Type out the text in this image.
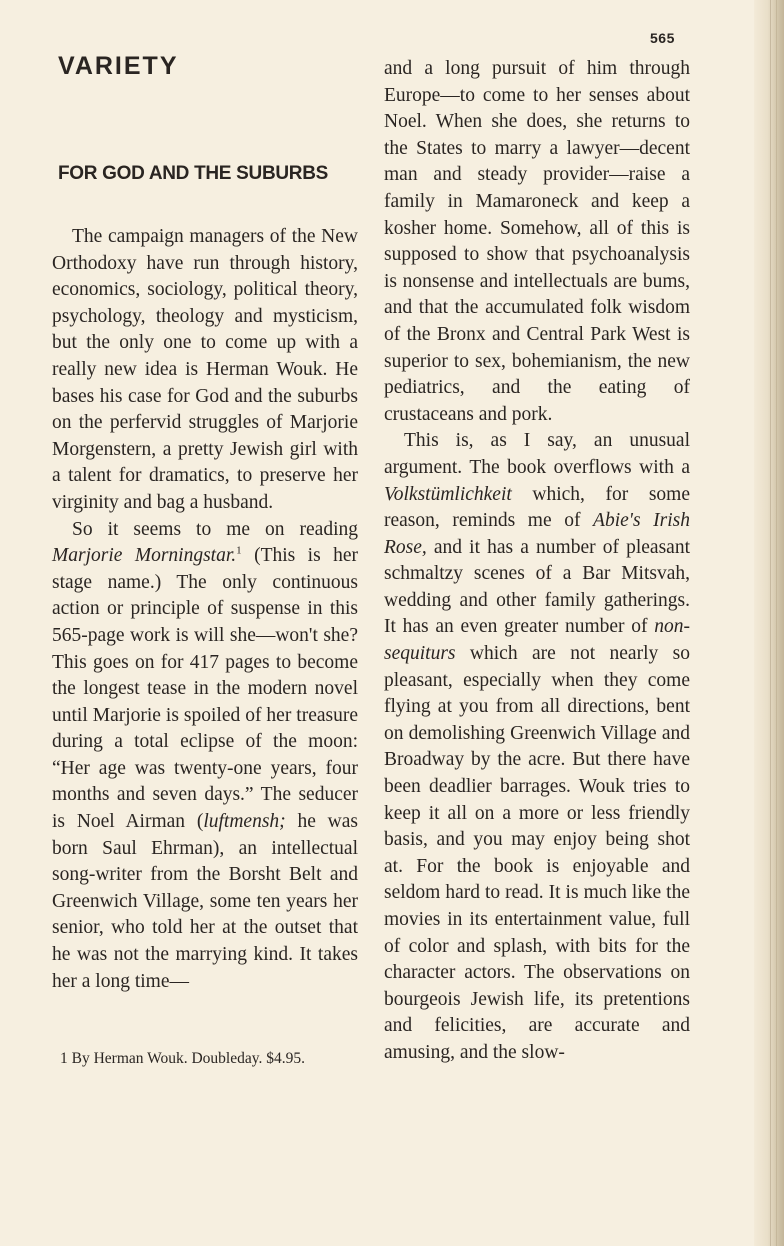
565
VARIETY
FOR GOD AND THE SUBURBS

The campaign managers of the New Orthodoxy have run through history, economics, sociology, political theory, psychology, theology and mysticism, but the only one to come up with a really new idea is Herman Wouk. He bases his case for God and the suburbs on the perfervid struggles of Marjorie Morgenstern, a pretty Jewish girl with a talent for dramatics, to preserve her virginity and bag a husband.

So it seems to me on reading Marjorie Morningstar.$^1$ (This is her stage name.) The only continuous action or principle of suspense in this 565-page work is will she—won't she? This goes on for 417 pages to become the longest tease in the modern novel until Marjorie is spoiled of her treasure during a total eclipse of the moon: “Her age was twenty-one years, four months and seven days.” The seducer is Noel Airman (luftmensh; he was born Saul Ehrman), an intellectual song-writer from the Borsht Belt and Greenwich Village, some ten years her senior, who told her at the outset that he was not the marrying kind. It takes her a long time—

1 By Herman Wouk. Doubleday. $4.95.

and a long pursuit of him through Europe—to come to her senses about Noel. When she does, she returns to the States to marry a lawyer—decent man and steady provider—raise a family in Mamaroneck and keep a kosher home. Somehow, all of this is supposed to show that psychoanalysis is nonsense and intellectuals are bums, and that the accumulated folk wisdom of the Bronx and Central Park West is superior to sex, bohemianism, the new pediatrics, and the eating of crustaceans and pork.

This is, as I say, an unusual argument. The book overflows with a Volkstümlichkeit which, for some reason, reminds me of Abie's Irish Rose, and it has a number of pleasant schmaltzy scenes of a Bar Mitsvah, wedding and other family gatherings. It has an even greater number of non-sequiturs which are not nearly so pleasant, especially when they come flying at you from all directions, bent on demolishing Greenwich Village and Broadway by the acre. But there have been deadlier barrages. Wouk tries to keep it all on a more or less friendly basis, and you may enjoy being shot at. For the book is enjoyable and seldom hard to read. It is much like the movies in its entertainment value, full of color and splash, with bits for the character actors. The observations on bourgeois Jewish life, its pretentions and felicities, are accurate and amusing, and the slow-
